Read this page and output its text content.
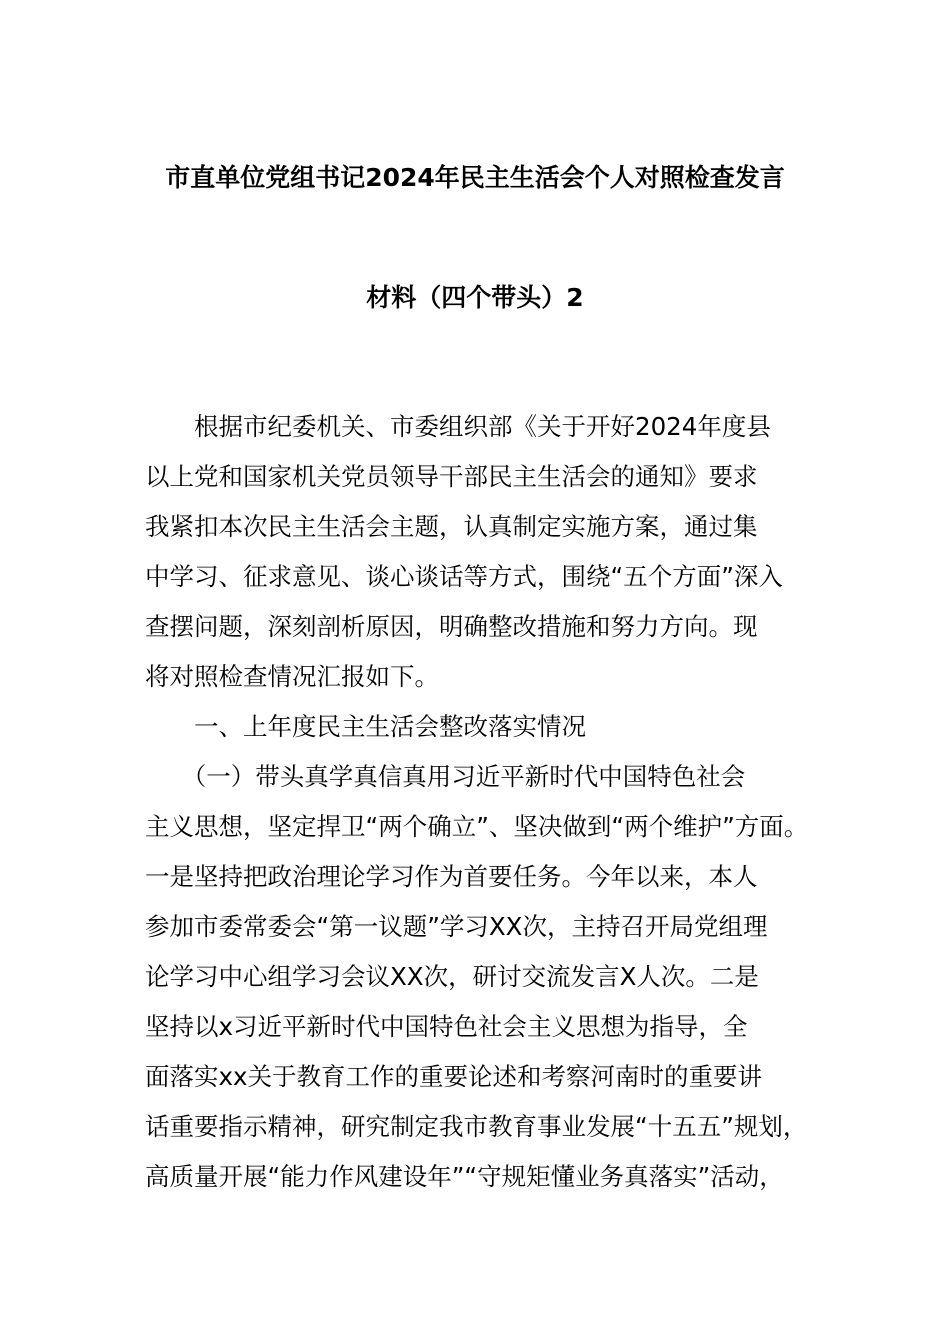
市直单位党组书记2024年民主生活会个人对照检查发言
材料（四个带头）2
　　根据市纪委机关、市委组织部《关于开好2024年度县
以上党和国家机关党员领导干部民主生活会的通知》要求
我紧扣本次民主生活会主题，认真制定实施方案，通过集
中学习、征求意见、谈心谈话等方式，围绕“五个方面”深入
查摆问题，深刻剖析原因，明确整改措施和努力方向。现
将对照检查情况汇报如下。
　　一、上年度民主生活会整改落实情况
　　（一）带头真学真信真用习近平新时代中国特色社会
主义思想，坚定捍卫“两个确立”、坚决做到“两个维护”方面。
一是坚持把政治理论学习作为首要任务。今年以来，本人
参加市委常委会“第一议题”学习XX次，主持召开局党组理
论学习中心组学习会议XX次，研讨交流发言X人次。二是
坚持以x习近平新时代中国特色社会主义思想为指导，全
面落实xx关于教育工作的重要论述和考察河南时的重要讲
话重要指示精神，研究制定我市教育事业发展“十五五”规划，
高质量开展“能力作风建设年”“守规矩懂业务真落实”活动，
